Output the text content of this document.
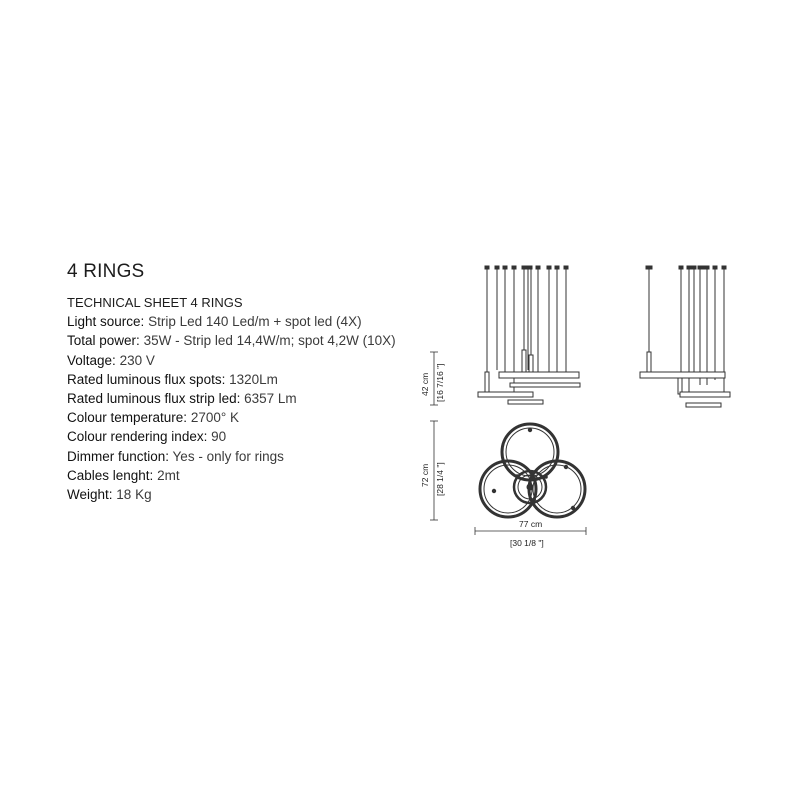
4 RINGS
TECHNICAL SHEET 4 RINGS
Light source: Strip Led 140 Led/m + spot led (4X)
Total power: 35W - Strip led 14,4W/m; spot 4,2W (10X)
Voltage: 230 V
Rated luminous flux spots: 1320Lm
Rated luminous flux strip led: 6357 Lm
Colour temperature: 2700° K
Colour rendering index: 90
Dimmer function: Yes - only for rings
Cables lenght: 2mt
Weight: 18 Kg
42 cm [16 7/16 "]
72 cm [28 1/4 "]
77 cm
[30 1/8 "]
